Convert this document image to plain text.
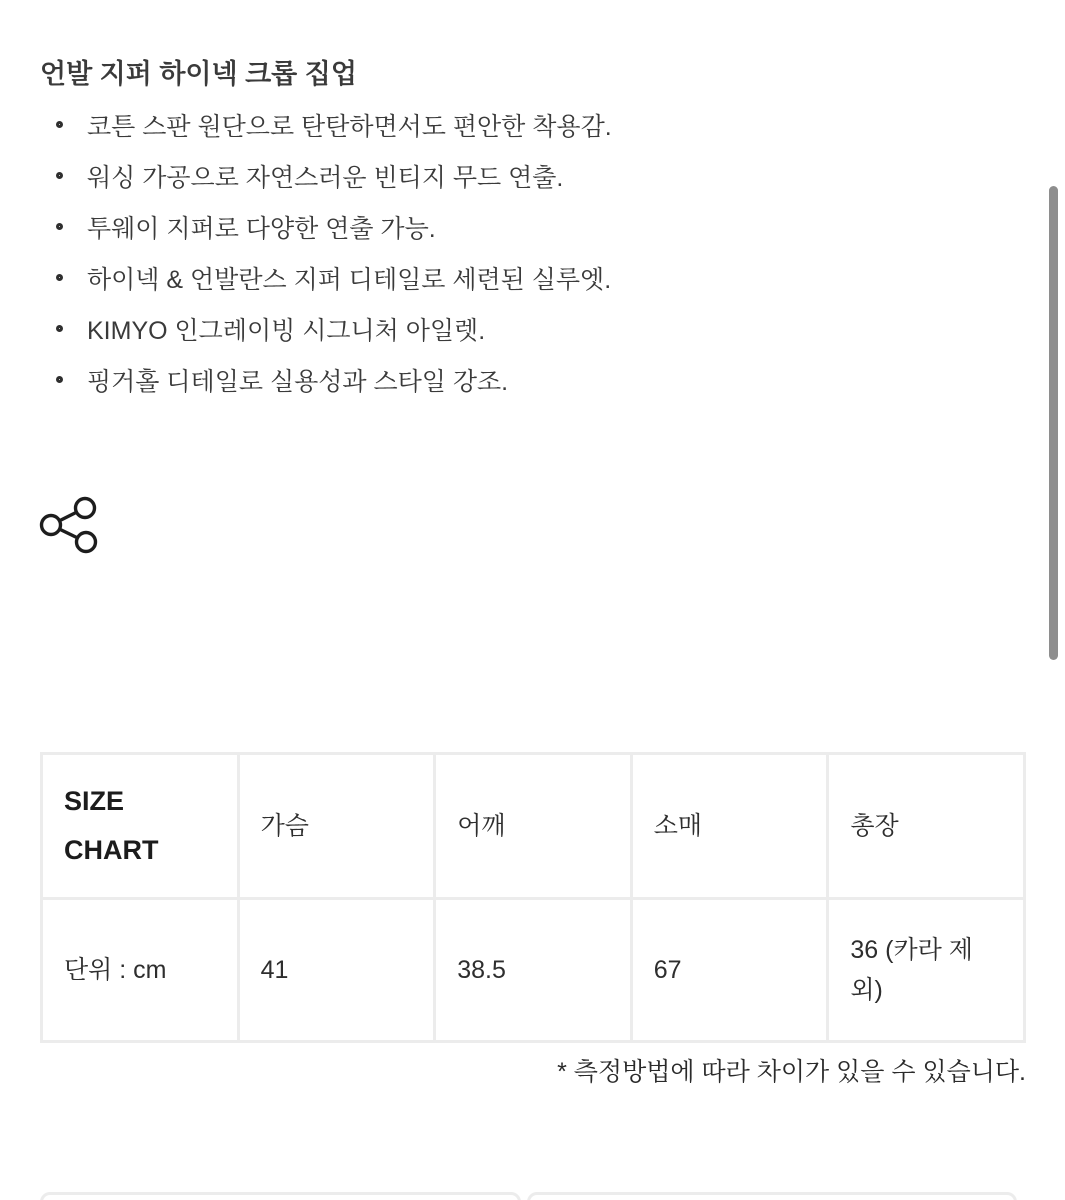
언발 지퍼 하이넥 크롭 집업
코튼 스판 원단으로 탄탄하면서도 편안한 착용감.
워싱 가공으로 자연스러운 빈티지 무드 연출.
투웨이 지퍼로 다양한 연출 가능.
하이넥 & 언발란스 지퍼 디테일로 세련된 실루엣.
KIMYO 인그레이빙 시그니처 아일렛.
핑거홀 디테일로 실용성과 스타일 강조.
SIZE CHART	가슴	어깨	소매	총장
단위 : cm	41	38.5	67	36 (카라 제외)
* 측정방법에 따라 차이가 있을 수 있습니다.
